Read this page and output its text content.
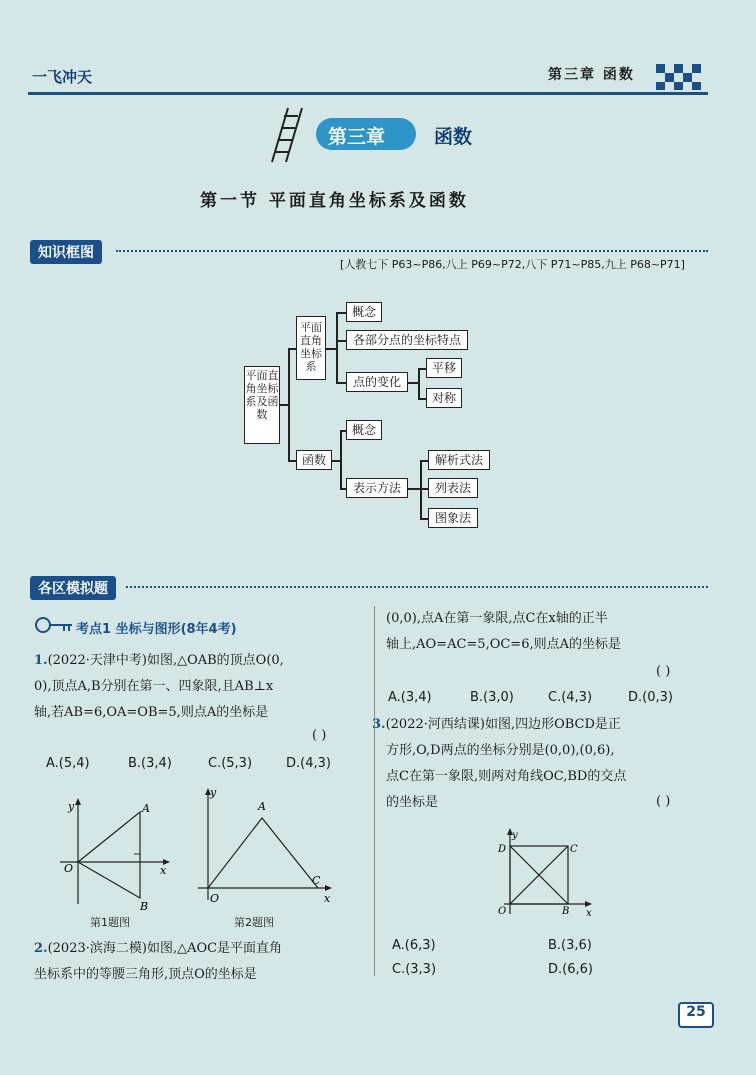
一飞冲天	第三章 函数
第三章	函数
第一节 平面直角坐标系及函数
知识框图
[人教七下 P63~P86,八上 P69~P72,八下 P71~P85,九上 P68~P71]
平面直角坐标系及函数
平面直角坐标系
概念
各部分点的坐标特点
点的变化
平移
对称
函数
概念
表示方法
解析式法
列表法
图象法
各区模拟题
考点1 坐标与图形(8年4考)
1.(2022·天津中考)如图,△OAB的顶点O(0,
0),顶点A,B分别在第一、四象限,且AB⊥x
轴,若AB=6,OA=OB=5,则点A的坐标是
( )
A.(5,4)	B.(3,4)	C.(5,3)	D.(4,3)
y	A
O	x
B
第1题图
y
A
O
C
x
第2题图
2.(2023·滨海二模)如图,△AOC是平面直角
坐标系中的等腰三角形,顶点O的坐标是
(0,0),点A在第一象限,点C在x轴的正半
轴上,AO=AC=5,OC=6,则点A的坐标是
( )
A.(3,4)	B.(3,0)	C.(4,3)	D.(0,3)
3.(2022·河西结课)如图,四边形OBCD是正
方形,O,D两点的坐标分别是(0,0),(0,6),
点C在第一象限,则两对角线OC,BD的交点
的坐标是	( )
y
D	C
O	B x
A.(6,3)	B.(3,6)
C.(3,3)	D.(6,6)
25
